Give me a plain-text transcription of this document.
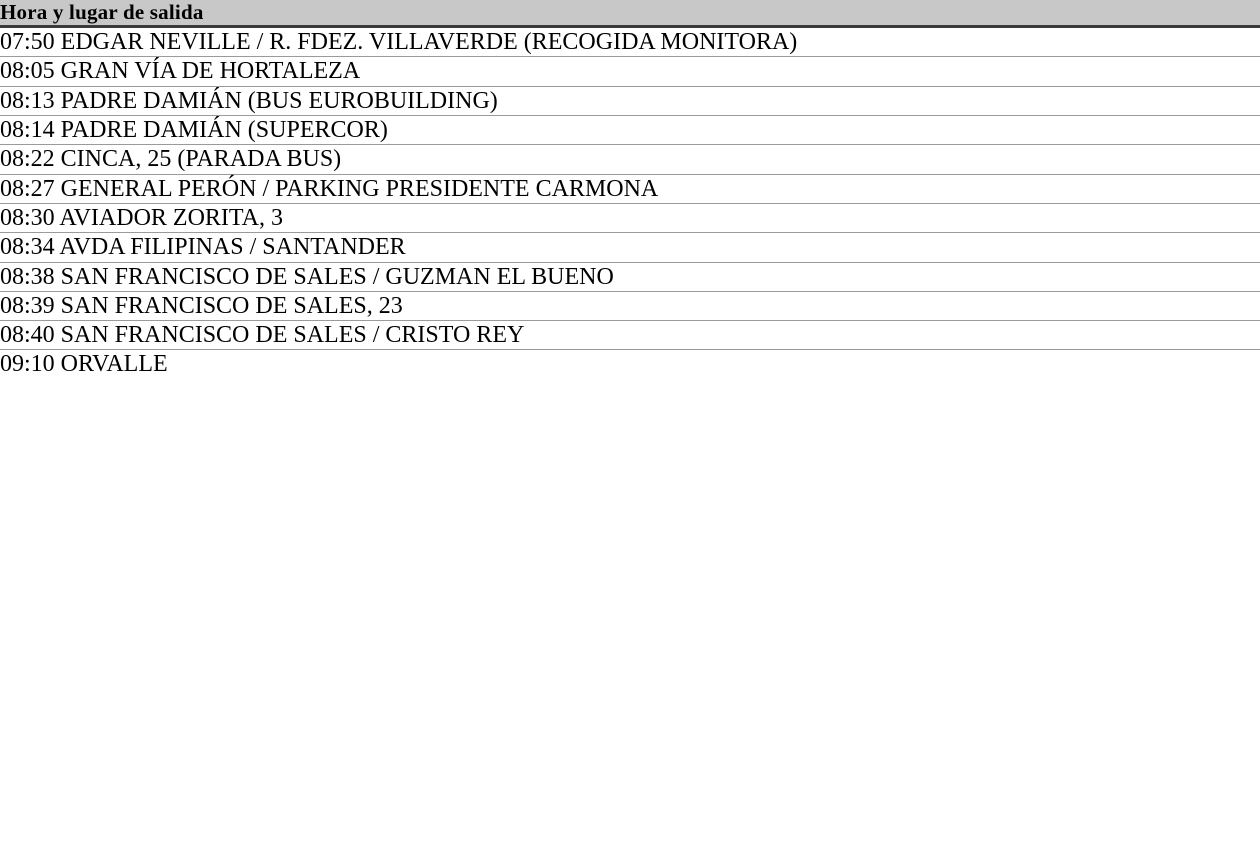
Hora y lugar de salida
07:50 EDGAR NEVILLE / R. FDEZ. VILLAVERDE (RECOGIDA MONITORA)
08:05 GRAN VÍA DE HORTALEZA
08:13 PADRE DAMIÁN (BUS EUROBUILDING)
08:14 PADRE DAMIÁN (SUPERCOR)
08:22 CINCA, 25 (PARADA BUS)
08:27 GENERAL PERÓN / PARKING PRESIDENTE CARMONA
08:30 AVIADOR ZORITA, 3
08:34 AVDA FILIPINAS / SANTANDER
08:38 SAN FRANCISCO DE SALES / GUZMAN EL BUENO
08:39 SAN FRANCISCO DE SALES, 23
08:40 SAN FRANCISCO DE SALES / CRISTO REY
09:10 ORVALLE
